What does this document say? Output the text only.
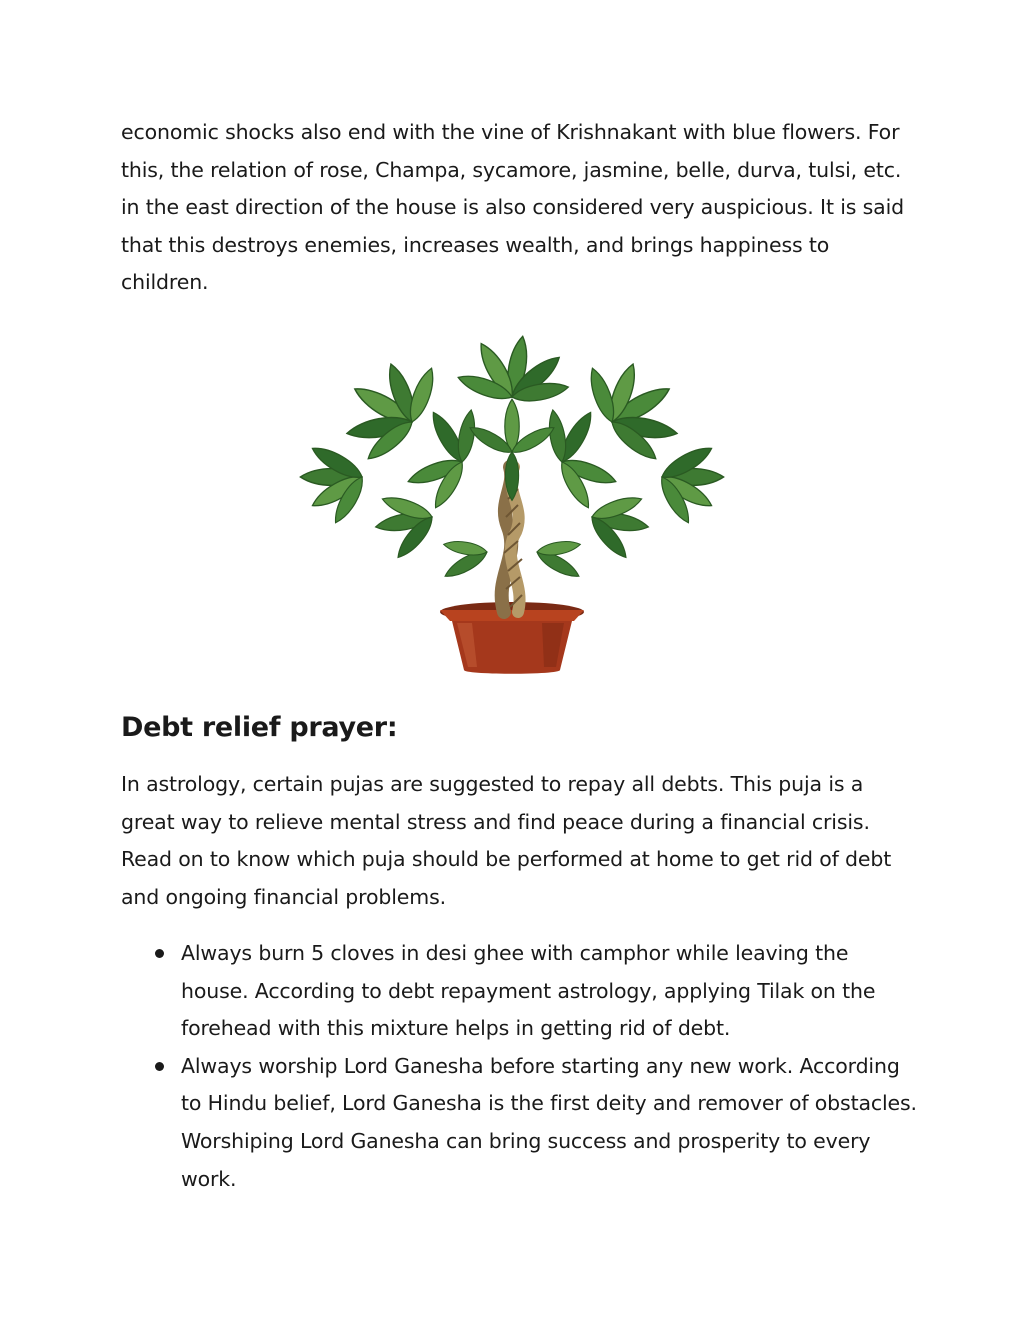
economic shocks also end with the vine of Krishnakant with blue flowers. For this, the relation of rose, Champa, sycamore, jasmine, belle, durva, tulsi, etc. in the east direction of the house is also considered very auspicious. It is said that this destroys enemies, increases wealth, and brings happiness to children.

Debt relief prayer:

In astrology, certain pujas are suggested to repay all debts. This puja is a great way to relieve mental stress and find peace during a financial crisis. Read on to know which puja should be performed at home to get rid of debt and ongoing financial problems.

Always burn 5 cloves in desi ghee with camphor while leaving the house. According to debt repayment astrology, applying Tilak on the forehead with this mixture helps in getting rid of debt.
Always worship Lord Ganesha before starting any new work. According to Hindu belief, Lord Ganesha is the first deity and remover of obstacles. Worshiping Lord Ganesha can bring success and prosperity to every work.
